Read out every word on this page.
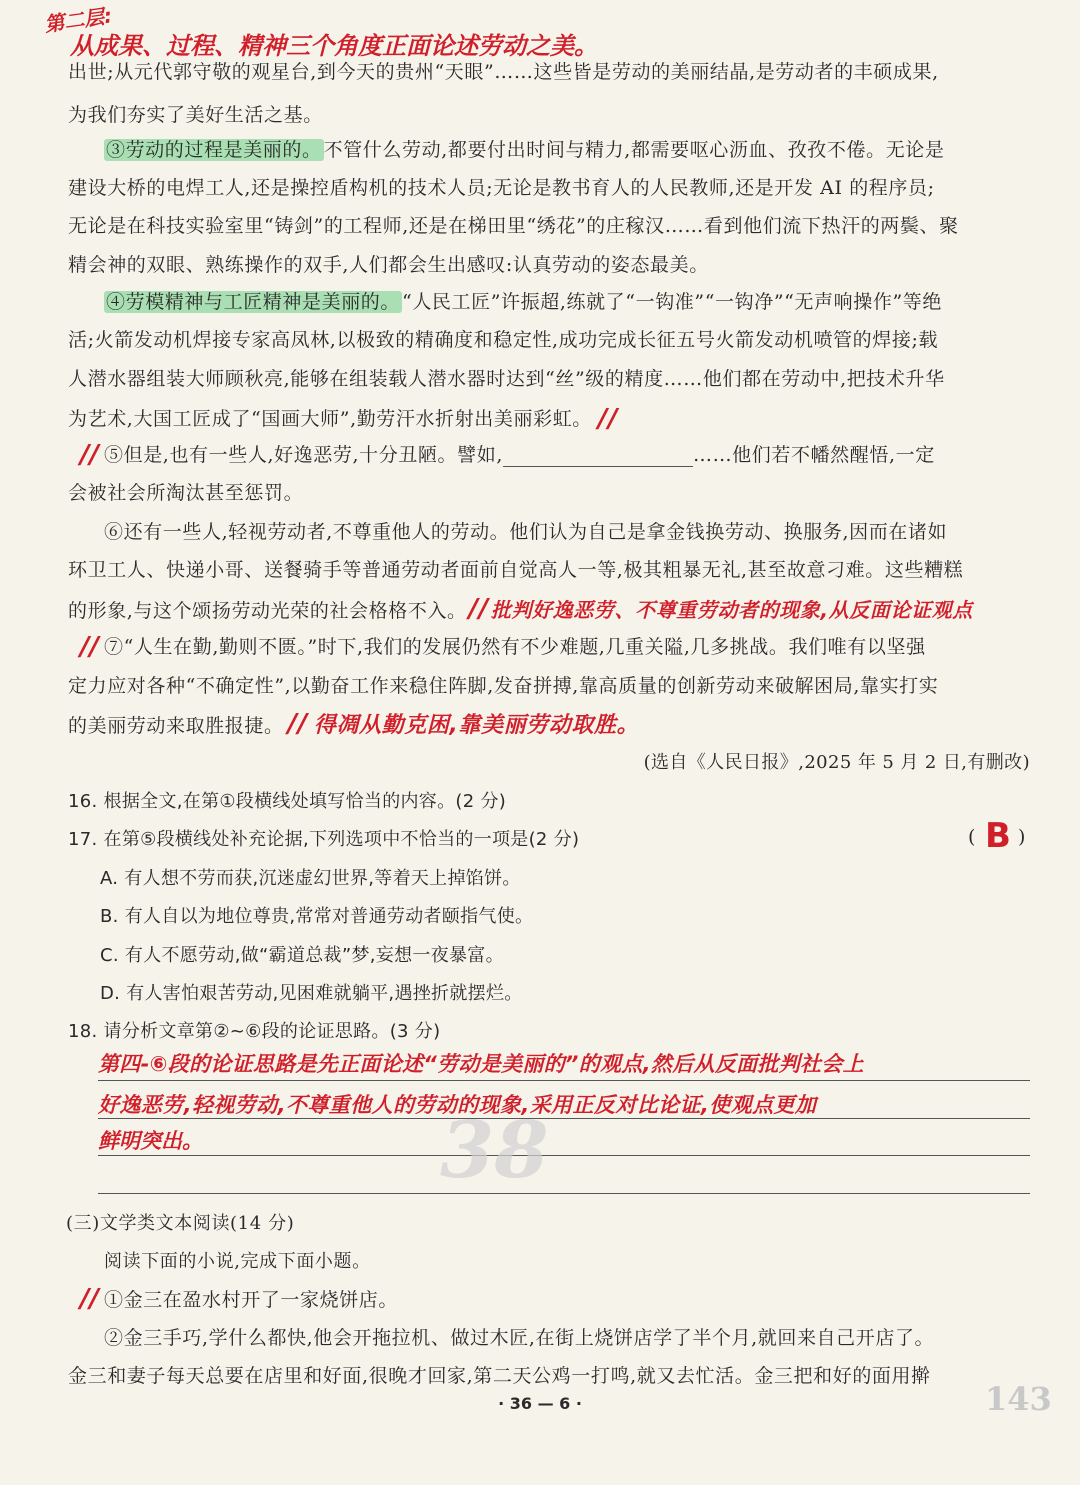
第二层:
从成果、过程、精神三个角度正面论述劳动之美。
出世;从元代郭守敬的观星台,到今天的贵州“天眼”……这些皆是劳动的美丽结晶,是劳动者的丰硕成果,
为我们夯实了美好生活之基。
③劳动的过程是美丽的。 不管什么劳动,都要付出时间与精力,都需要呕心沥血、孜孜不倦。无论是
建设大桥的电焊工人,还是操控盾构机的技术人员;无论是教书育人的人民教师,还是开发 AI 的程序员;
无论是在科技实验室里“铸剑”的工程师,还是在梯田里“绣花”的庄稼汉……看到他们流下热汗的两鬓、聚
精会神的双眼、熟练操作的双手,人们都会生出感叹:认真劳动的姿态最美。
④劳模精神与工匠精神是美丽的。 “人民工匠”许振超,练就了“一钩准”“一钩净”“无声响操作”等绝
活;火箭发动机焊接专家高凤林,以极致的精确度和稳定性,成功完成长征五号火箭发动机喷管的焊接;载
人潜水器组装大师顾秋亮,能够在组装载人潜水器时达到“丝”级的精度……他们都在劳动中,把技术升华
为艺术,大国工匠成了“国画大师”,勤劳汗水折射出美丽彩虹。 //
// ⑤但是,也有一些人,好逸恶劳,十分丑陋。譬如,	……他们若不幡然醒悟,一定
会被社会所淘汰甚至惩罚。
⑥还有一些人,轻视劳动者,不尊重他人的劳动。他们认为自己是拿金钱换劳动、换服务,因而在诸如
环卫工人、快递小哥、送餐骑手等普通劳动者面前自觉高人一等,极其粗暴无礼,甚至故意刁难。这些糟糕
的形象,与这个颂扬劳动光荣的社会格格不入。// 批判好逸恶劳、不尊重劳动者的现象,从反面论证观点
// ⑦“人生在勤,勤则不匮。”时下,我们的发展仍然有不少难题,几重关隘,几多挑战。我们唯有以坚强
定力应对各种“不确定性”,以勤奋工作来稳住阵脚,发奋拼搏,靠高质量的创新劳动来破解困局,靠实打实
的美丽劳动来取胜报捷。 // 得凋从勤克困,靠美丽劳动取胜。
(选自《人民日报》,2025 年 5 月 2 日,有删改)
16. 根据全文,在第①段横线处填写恰当的内容。(2 分)
17. 在第⑤段横线处补充论据,下列选项中不恰当的一项是(2 分)	( B )
A. 有人想不劳而获,沉迷虚幻世界,等着天上掉馅饼。
B. 有人自以为地位尊贵,常常对普通劳动者颐指气使。
C. 有人不愿劳动,做“霸道总裁”梦,妄想一夜暴富。
D. 有人害怕艰苦劳动,见困难就躺平,遇挫折就摆烂。
18. 请分析文章第②~⑥段的论证思路。(3 分)
第四-⑥段的论证思路是先正面论述“劳动是美丽的”的观点,然后从反面批判社会上
好逸恶劳,轻视劳动,不尊重他人的劳动的现象,采用正反对比论证,使观点更加
鲜明突出。	38
(三)文学类文本阅读(14 分)
阅读下面的小说,完成下面小题。
// ①金三在盈水村开了一家烧饼店。
②金三手巧,学什么都快,他会开拖拉机、做过木匠,在街上烧饼店学了半个月,就回来自己开店了。
金三和妻子每天总要在店里和好面,很晚才回家,第二天公鸡一打鸣,就又去忙活。金三把和好的面用擀
· 36 — 6 ·	143
